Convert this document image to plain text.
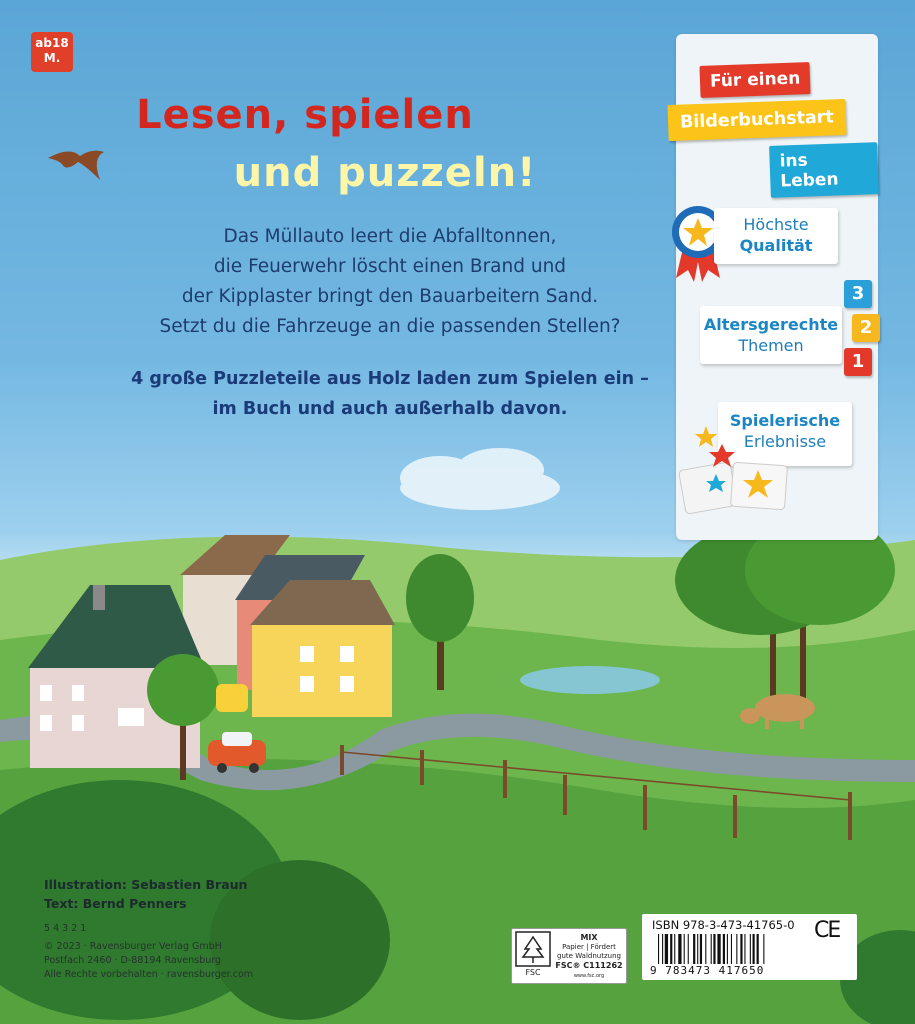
ab18
M.
Lesen, spielen
und puzzeln!

Das Müllauto leert die Abfalltonnen,

die Feuerwehr löscht einen Brand und

der Kipplaster bringt den Bauarbeitern Sand.

Setzt du die Fahrzeuge an die passenden Stellen?

4 große Puzzleteile aus Holz laden zum Spielen ein –

im Buch und auch außerhalb davon.

Für einen
Bilderbuchstart
ins Leben
Höchste
Qualität
Altersgerechte
Themen
3
2
1
Spielerische
Erlebnisse
Illustration: Sebastien Braun
Text: Bernd Penners
5 4 3 2 1
© 2023 · Ravensburger Verlag GmbH
Postfach 2460 · D-88194 Ravensburg
Alle Rechte vorbehalten · ravensburger.com	FSC
MIX
Papier | Fördert
gute Waldnutzung
FSC® C111262
www.fsc.org
ISBN 978-3-473-41765-0 CE
9 783473 417650
